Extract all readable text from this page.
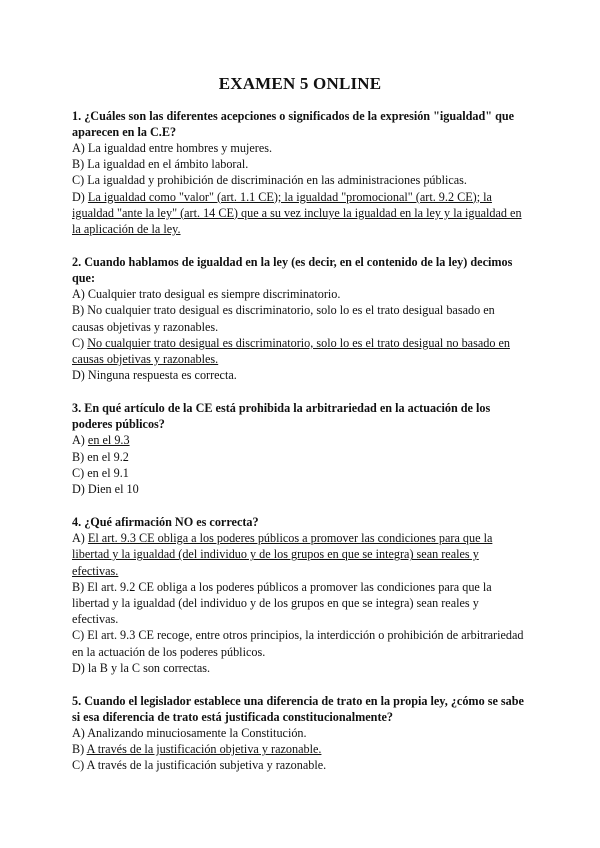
EXAMEN 5 ONLINE

1. ¿Cuáles son las diferentes acepciones o significados de la expresión "igualdad" que aparecen en la C.E?

A) La igualdad entre hombres y mujeres.

B) La igualdad en el ámbito laboral.

C) La igualdad y prohibición de discriminación en las administraciones públicas.

D) La igualdad como "valor" (art. 1.1 CE); la igualdad "promocional" (art. 9.2 CE); la igualdad "ante la ley" (art. 14 CE) que a su vez incluye la igualdad en la ley y la igualdad en la aplicación de la ley.

2. Cuando hablamos de igualdad en la ley (es decir, en el contenido de la ley) decimos que:

A) Cualquier trato desigual es siempre discriminatorio.

B) No cualquier trato desigual es discriminatorio, solo lo es el trato desigual basado en causas objetivas y razonables.

C) No cualquier trato desigual es discriminatorio, solo lo es el trato desigual no basado en causas objetivas y razonables.

D) Ninguna respuesta es correcta.

3. En qué artículo de la CE está prohibida la arbitrariedad en la actuación de los poderes públicos?

A) en el 9.3

B) en el 9.2

C) en el 9.1

D) Dien el 10

4. ¿Qué afirmación NO es correcta?

A) El art. 9.3 CE obliga a los poderes públicos a promover las condiciones para que la libertad y la igualdad (del individuo y de los grupos en que se integra) sean reales y efectivas.

B) El art. 9.2 CE obliga a los poderes públicos a promover las condiciones para que la libertad y la igualdad (del individuo y de los grupos en que se integra) sean reales y efectivas.

C) El art. 9.3 CE recoge, entre otros principios, la interdicción o prohibición de arbitrariedad en la actuación de los poderes públicos.

D) la B y la C son correctas.

5. Cuando el legislador establece una diferencia de trato en la propia ley, ¿cómo se sabe si esa diferencia de trato está justificada constitucionalmente?

A) Analizando minuciosamente la Constitución.

B) A través de la justificación objetiva y razonable.

C) A través de la justificación subjetiva y razonable.
